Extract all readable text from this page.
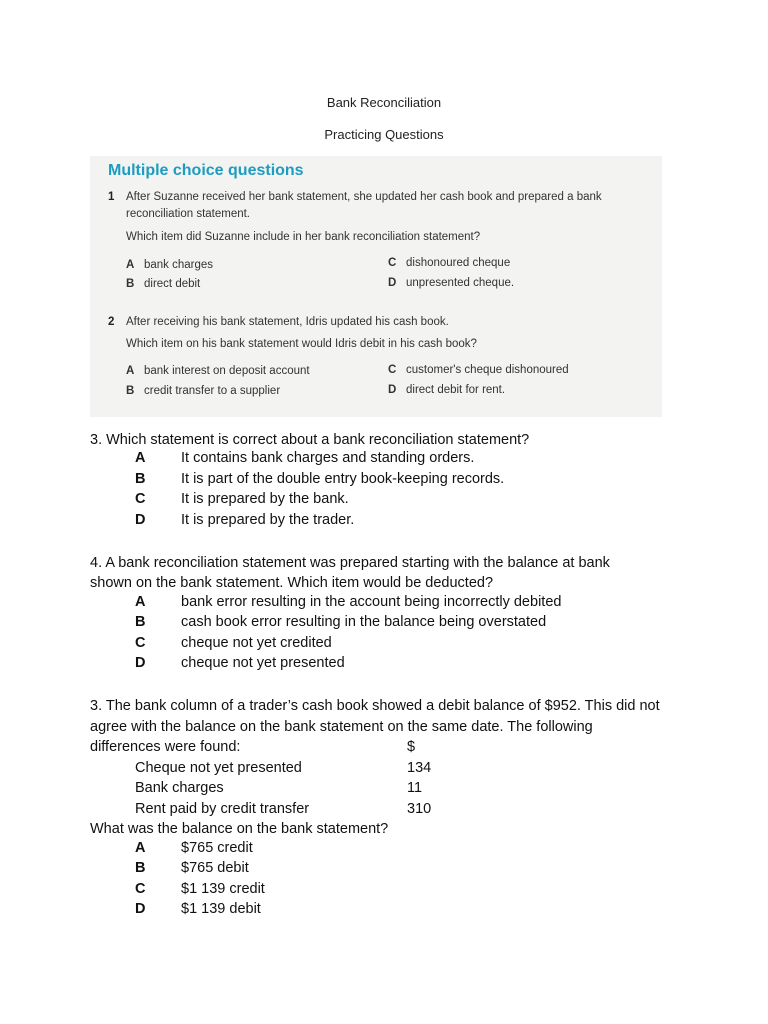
Bank Reconciliation
Practicing Questions
Multiple choice questions
1 After Suzanne received her bank statement, she updated her cash book and prepared a bank
reconciliation statement.
Which item did Suzanne include in her bank reconciliation statement?
A bank charges
B direct debit
C dishonoured cheque
D unpresented cheque.
2 After receiving his bank statement, Idris updated his cash book.
Which item on his bank statement would Idris debit in his cash book?
A bank interest on deposit account
B credit transfer to a supplier
C customer's cheque dishonoured
D direct debit for rent.
3. Which statement is correct about a bank reconciliation statement?
A It contains bank charges and standing orders.
B It is part of the double entry book-keeping records.
C It is prepared by the bank.
D It is prepared by the trader.
4. A bank reconciliation statement was prepared starting with the balance at bank
shown on the bank statement. Which item would be deducted?
A bank error resulting in the account being incorrectly debited
B cash book error resulting in the balance being overstated
C cheque not yet credited
D cheque not yet presented
3. The bank column of a trader’s cash book showed a debit balance of $952. This did not
agree with the balance on the bank statement on the same date. The following
differences were found:	$
Cheque not yet presented	134
Bank charges	11
Rent paid by credit transfer	310
What was the balance on the bank statement?
A $765 credit
B $765 debit
C $1 139 credit
D $1 139 debit
